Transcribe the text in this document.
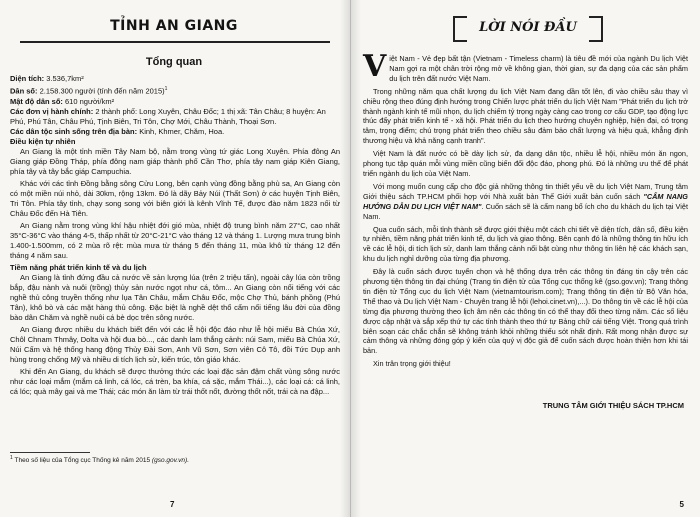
TỈNH AN GIANG
Tổng quan

Diện tích: 3.536,7km²

Dân số: 2.158.300 người (tính đến năm 2015)$^1$

Mật độ dân số: 610 người/km²

Các đơn vị hành chính: 2 thành phố: Long Xuyên, Châu Đốc; 1 thị xã: Tân Châu; 8 huyện: An Phú, Phú Tân, Châu Phú, Tịnh Biên, Tri Tôn, Chợ Mới, Châu Thành, Thoại Sơn.

Các dân tộc sinh sống trên địa bàn: Kinh, Khmer, Chăm, Hoa.

Điều kiện tự nhiên

An Giang là một tỉnh miền Tây Nam bộ, nằm trong vùng tứ giác Long Xuyên. Phía đông An Giang giáp Đồng Tháp, phía đông nam giáp thành phố Cần Thơ, phía tây nam giáp Kiên Giang, phía tây và tây bắc giáp Campuchia.

Khác với các tỉnh Đồng bằng sông Cửu Long, bên cạnh vùng đồng bằng phù sa, An Giang còn có một miền núi nhỏ, dài 30km, rộng 13km. Đó là dãy Bảy Núi (Thất Sơn) ở các huyện Tịnh Biên, Tri Tôn. Phía tây tỉnh, chạy song song với biên giới là kênh Vĩnh Tế, được đào năm 1823 nối từ Châu Đốc đến Hà Tiên.

An Giang nằm trong vùng khí hậu nhiệt đới gió mùa, nhiệt độ trung bình năm 27°C, cao nhất 35°C-36°C vào tháng 4-5, thấp nhất từ 20°C-21°C vào tháng 12 và tháng 1. Lượng mưa trung bình 1.400-1.500mm, có 2 mùa rõ rệt: mùa mưa từ tháng 5 đến tháng 11, mùa khô từ tháng 12 đến tháng 4 năm sau.

Tiềm năng phát triển kinh tế và du lịch

An Giang là tỉnh đứng đầu cả nước về sản lượng lúa (trên 2 triệu tấn), ngoài cây lúa còn trồng bắp, đậu nành và nuôi (trồng) thủy sản nước ngọt như cá, tôm... An Giang còn nổi tiếng với các nghề thủ công truyền thống như lụa Tân Châu, mắm Châu Đốc, mộc Chợ Thủ, bánh phồng (Phú Tân), khô bò và các mặt hàng thủ công. Đặc biệt là nghề dệt thổ cẩm nổi tiếng lâu đời của đồng bào dân Chăm và nghề nuôi cá bè dọc trên sông nước.

An Giang được nhiều du khách biết đến với các lễ hội độc đáo như lễ hội miếu Bà Chúa Xứ, Chôl Chnam Thmây, Dolta và hội đua bò..., các danh lam thắng cảnh: núi Sam, miếu Bà Chúa Xứ, Núi Cấm và hệ thống hang động Thủy Đài Sơn, Anh Vũ Sơn, Sơn viên Cô Tô, đồi Tức Dụp anh hùng trong chống Mỹ và nhiều di tích lịch sử, kiến trúc, tôn giáo khác.

Khi đến An Giang, du khách sẽ được thưởng thức các loại đặc sản đậm chất vùng sông nước như các loại mắm (mắm cá linh, cá lóc, cá trèn, ba khía, cá sặc, mắm Thái...), các loại cá: cá linh, cá lóc; quà mây gai và me Thái; các món ăn làm từ trái thốt nốt, đường thốt nốt, trái cà na đập...

$^1$ Theo số liệu của Tổng cục Thống kê năm 2015 (gso.gov.vn).
7
LỜI NÓI ĐẦU

Việt Nam - Vẻ đẹp bất tận (Vietnam - Timeless charm) là tiêu đề mới của ngành Du lịch Việt Nam gợi ra một chân trời rộng mở về không gian, thời gian, sự đa dạng của các sản phẩm du lịch trên đất nước Việt Nam.

Trong những năm qua chất lượng du lịch Việt Nam đang dần tốt lên, đi vào chiều sâu thay vì chiều rộng theo đúng định hướng trong Chiến lược phát triển du lịch Việt Nam "Phát triển du lịch trở thành ngành kinh tế mũi nhọn, du lịch chiếm tỷ trọng ngày càng cao trong cơ cấu GDP, tạo động lực thúc đẩy phát triển kinh tế - xã hội. Phát triển du lịch theo hướng chuyên nghiệp, hiện đại, có trọng tâm, trọng điểm; chú trọng phát triển theo chiều sâu đảm bảo chất lượng và hiệu quả, khẳng định thương hiệu và khả năng cạnh tranh".

Việt Nam là đất nước có bề dày lịch sử, đa dạng dân tộc, nhiều lễ hội, nhiều món ăn ngon, phong tục tập quán mỗi vùng miền cũng biến đổi độc đáo, phong phú. Đó là những ưu thế để phát triển ngành du lịch của Việt Nam.

Với mong muốn cung cấp cho độc giả những thông tin thiết yếu về du lịch Việt Nam, Trung tâm Giới thiệu sách TP.HCM phối hợp với Nhà xuất bản Thế Giới xuất bản cuốn sách "CẨM NANG HƯỚNG DẪN DU LỊCH VIỆT NAM". Cuốn sách sẽ là cẩm nang bổ ích cho du khách du lịch tại Việt Nam.

Qua cuốn sách, mỗi tỉnh thành sẽ được giới thiệu một cách chi tiết về diện tích, dân số, điều kiện tự nhiên, tiềm năng phát triển kinh tế, du lịch và giao thông. Bên cạnh đó là những thông tin hữu ích về các lễ hội, di tích lịch sử, danh lam thắng cảnh nổi bật cùng như thông tin liên hệ các khách sạn, khu du lịch nghỉ dưỡng của từng địa phương.

Đây là cuốn sách được tuyển chọn và hệ thống dựa trên các thông tin đáng tin cậy trên các phương tiện thông tin đại chúng (Trang tin điện tử của Tổng cục thống kê (gso.gov.vn); Trang thông tin điện tử Tổng cục du lịch Việt Nam (vietnamtourism.com); Trang thông tin điện tử Bộ Văn hóa, Thể thao và Du lịch Việt Nam - Chuyên trang lễ hội (lehoi.cinet.vn),...). Do thông tin về các lễ hội của từng địa phương thường theo lịch âm nên các thông tin có thể thay đổi theo từng năm. Các số liệu được cập nhật và sắp xếp thứ tự các tỉnh thành theo thứ tự Bảng chữ cái tiếng Việt. Trong quá trình biên soạn các chắc chắn sẽ không tránh khỏi những thiếu sót nhất định. Rất mong nhận được sự cảm thông và những đóng góp ý kiến của quý vị độc giả để cuốn sách được hoàn thiện hơn khi tái bản.

Xin trân trọng giới thiệu!

TRUNG TÂM GIỚI THIỆU SÁCH TP.HCM
5
